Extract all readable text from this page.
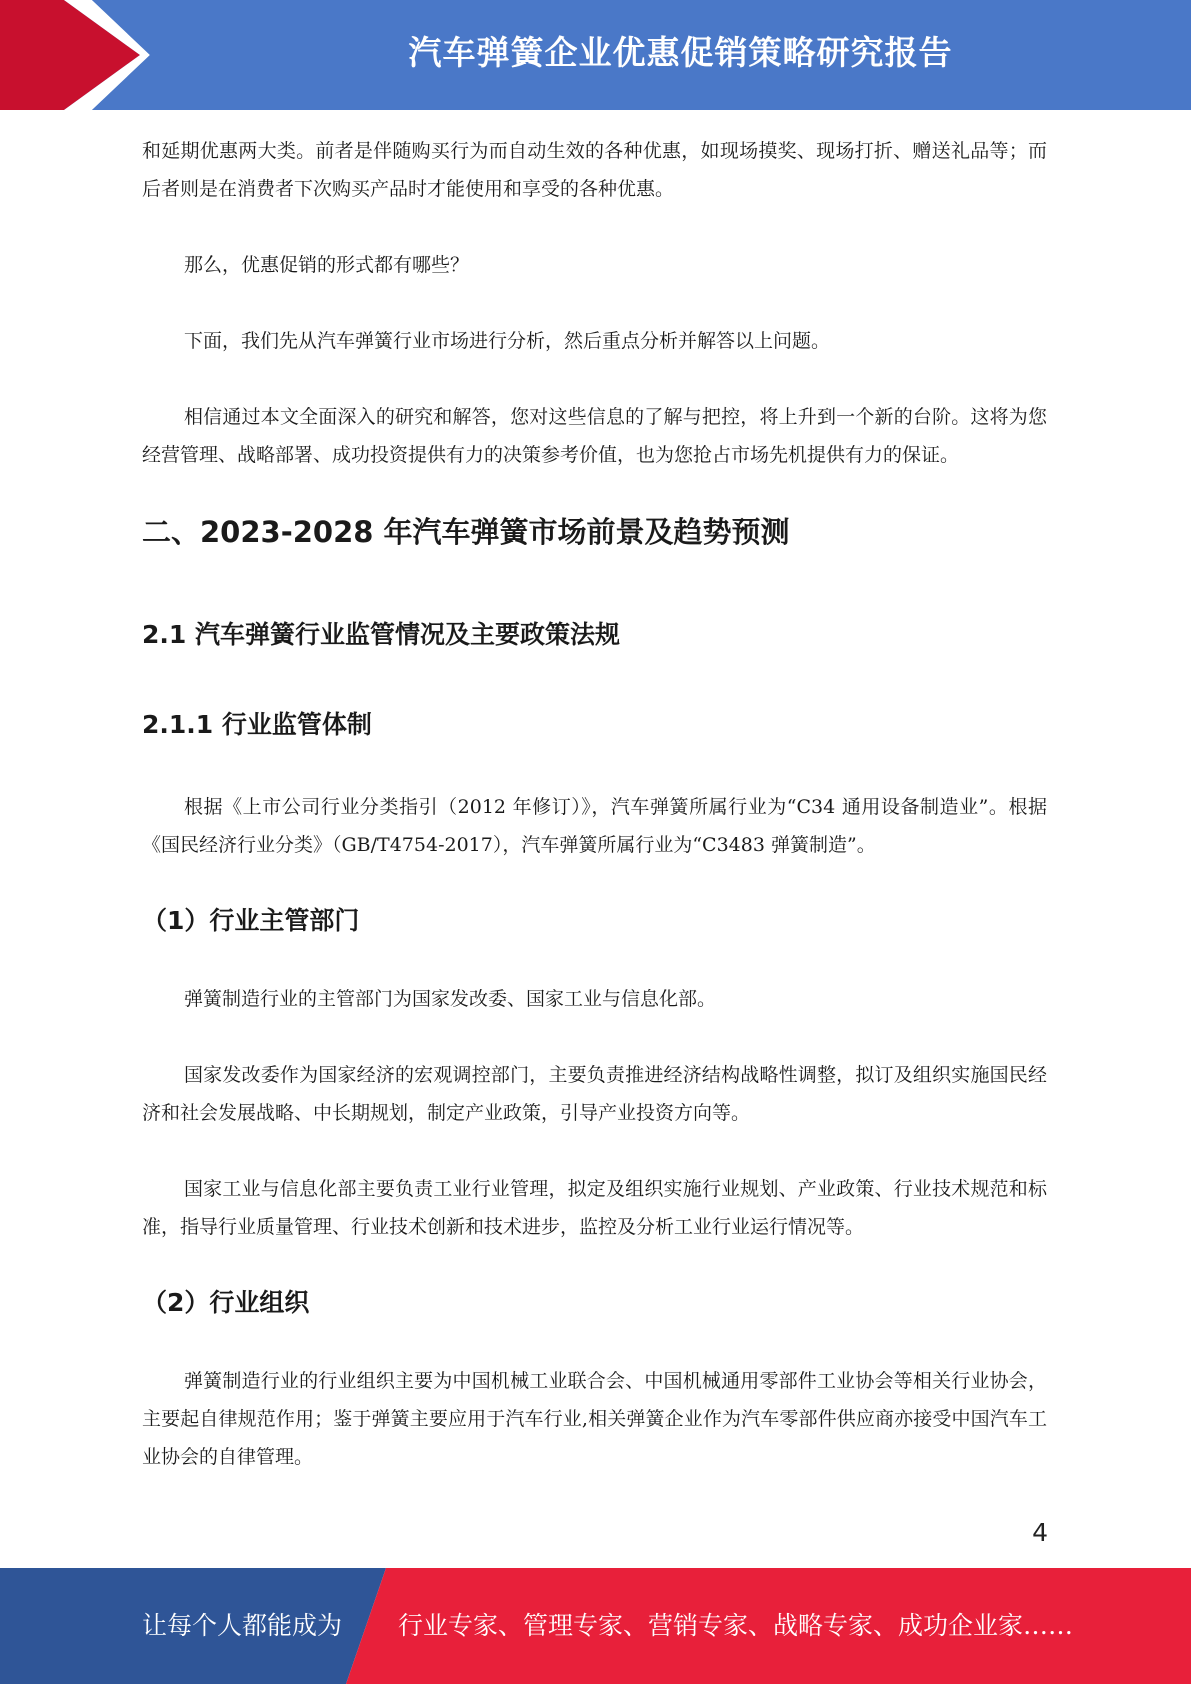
汽车弹簧企业优惠促销策略研究报告

和延期优惠两大类。前者是伴随购买行为而自动生效的各种优惠，如现场摸奖、现场打折、赠送礼品等；而后者则是在消费者下次购买产品时才能使用和享受的各种优惠。

那么，优惠促销的形式都有哪些？

下面，我们先从汽车弹簧行业市场进行分析，然后重点分析并解答以上问题。

相信通过本文全面深入的研究和解答，您对这些信息的了解与把控，将上升到一个新的台阶。这将为您经营管理、战略部署、成功投资提供有力的决策参考价值，也为您抢占市场先机提供有力的保证。

二、2023-2028 年汽车弹簧市场前景及趋势预测
2.1 汽车弹簧行业监管情况及主要政策法规
2.1.1 行业监管体制

根据《上市公司行业分类指引（2012 年修订）》，汽车弹簧所属行业为“C34 通用设备制造业”。根据《国民经济行业分类》（GB/T4754-2017），汽车弹簧所属行业为“C3483 弹簧制造”。

（1）行业主管部门

弹簧制造行业的主管部门为国家发改委、国家工业与信息化部。

国家发改委作为国家经济的宏观调控部门，主要负责推进经济结构战略性调整，拟订及组织实施国民经济和社会发展战略、中长期规划，制定产业政策，引导产业投资方向等。

国家工业与信息化部主要负责工业行业管理，拟定及组织实施行业规划、产业政策、行业技术规范和标准，指导行业质量管理、行业技术创新和技术进步，监控及分析工业行业运行情况等。

（2）行业组织

弹簧制造行业的行业组织主要为中国机械工业联合会、中国机械通用零部件工业协会等相关行业协会，主要起自律规范作用；鉴于弹簧主要应用于汽车行业,相关弹簧企业作为汽车零部件供应商亦接受中国汽车工业协会的自律管理。

4
让每个人都能成为 行业专家、管理专家、营销专家、战略专家、成功企业家……
